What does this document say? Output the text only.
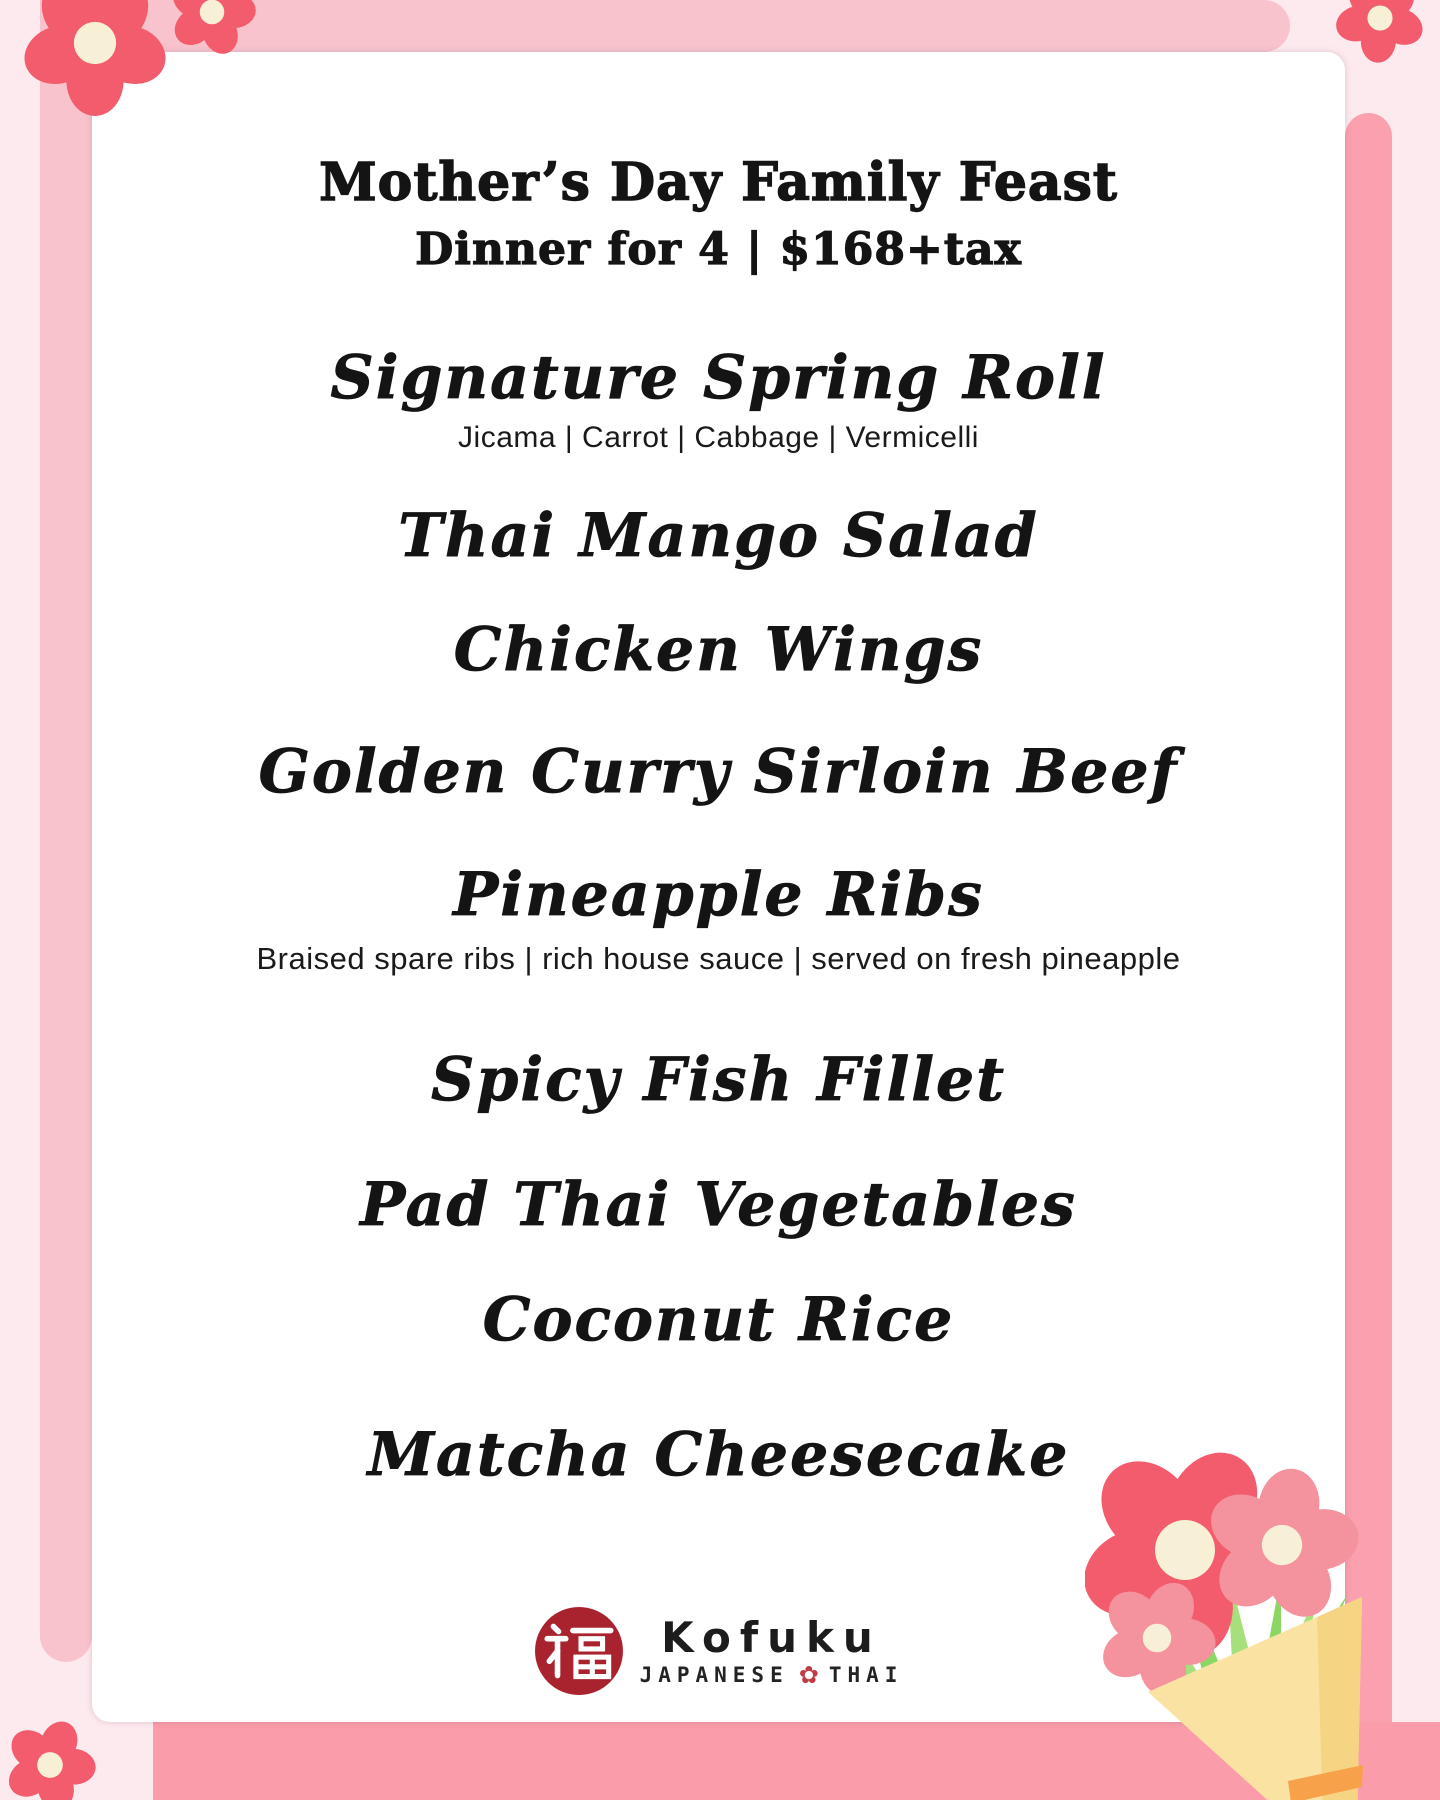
Mother’s Day Family Feast
Dinner for 4 | $168+tax
Signature Spring Roll
Jicama | Carrot | Cabbage | Vermicelli
Thai Mango Salad
Chicken Wings
Golden Curry Sirloin Beef
Pineapple Ribs
Braised spare ribs | rich house sauce | served on fresh pineapple
Spicy Fish Fillet
Pad Thai Vegetables
Coconut Rice
Matcha Cheesecake
Kofuku
JAPANESE ✿ THAI
